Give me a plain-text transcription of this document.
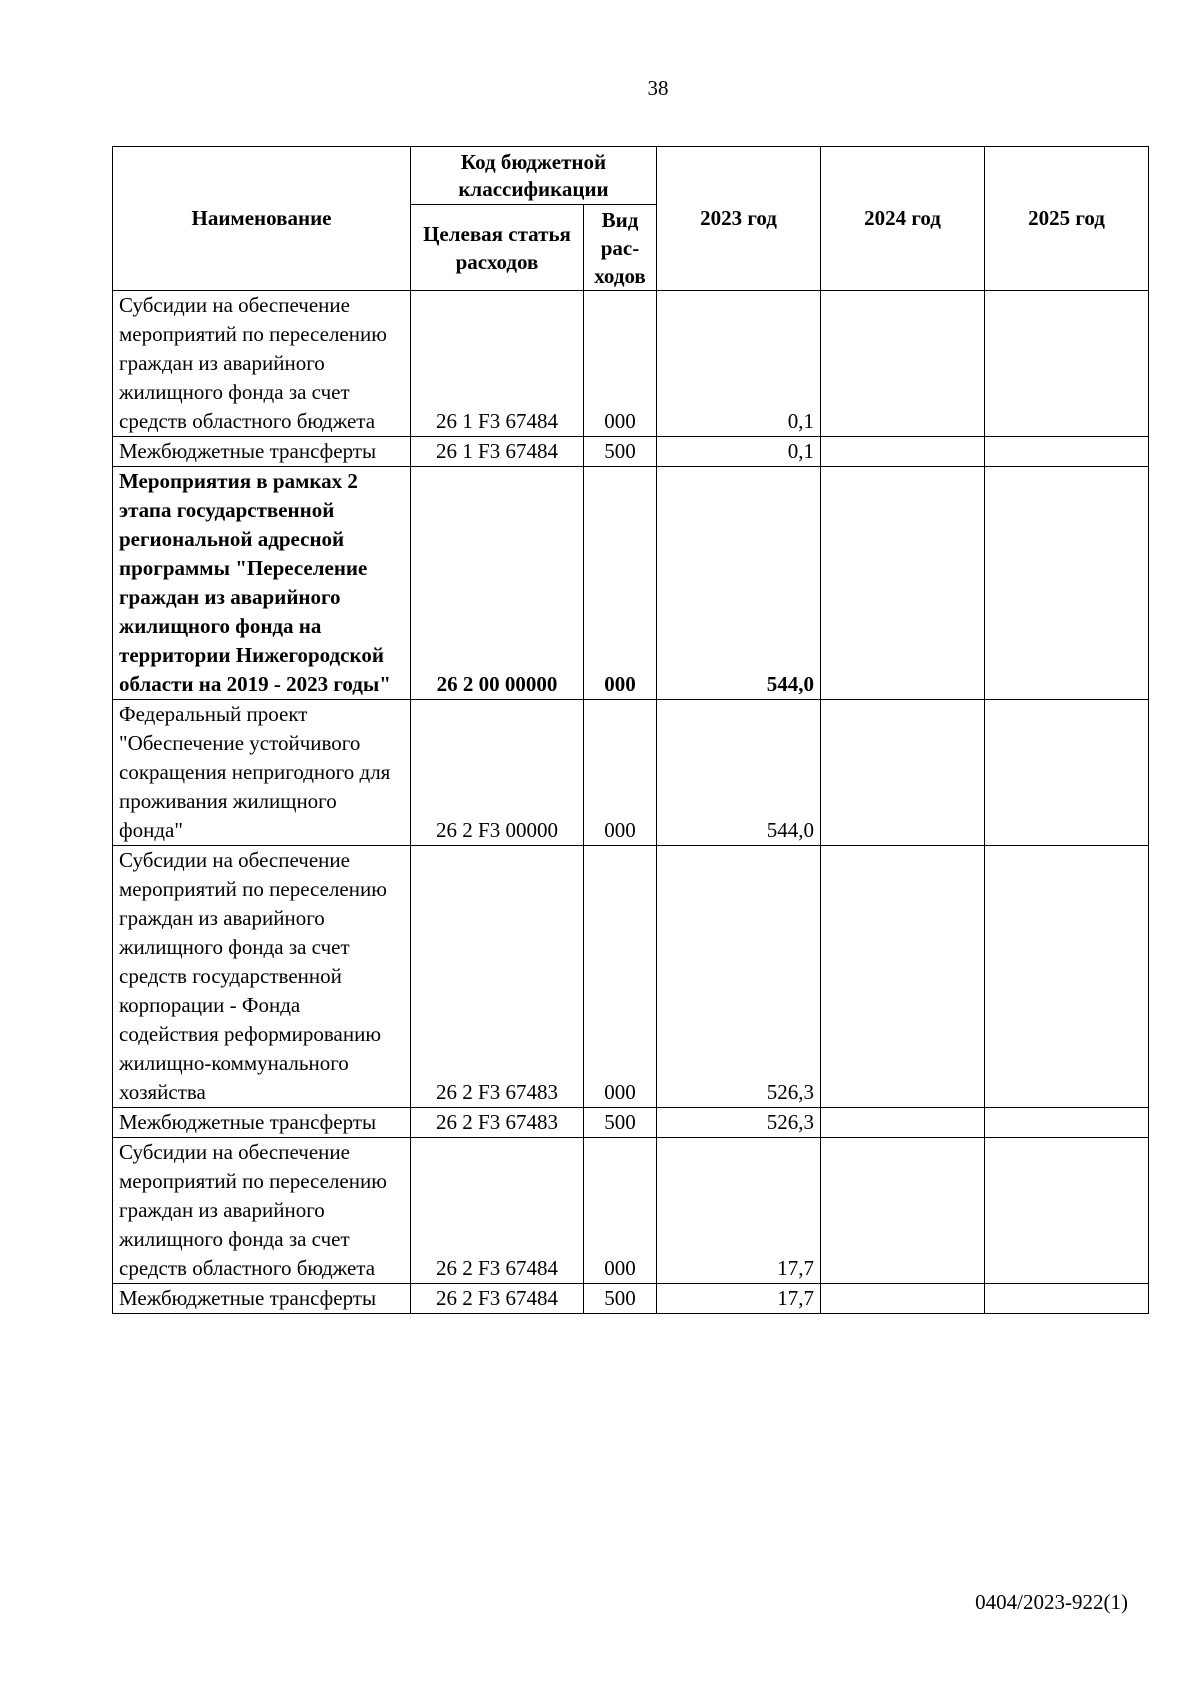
38
Наименование	Код бюджетной классификации		2023 год	2024 год	2025 год
	Целевая статья расходов	Вид рас-ходов			
Субсидии на обеспечение мероприятий по переселению граждан из аварийного жилищного фонда за счет средств областного бюджета	26 1 F3 67484	000	0,1		
Межбюджетные трансферты	26 1 F3 67484	500	0,1		
Мероприятия в рамках 2 этапа государственной региональной адресной программы "Переселение граждан из аварийного жилищного фонда на территории Нижегородской области на 2019 - 2023 годы"	26 2 00 00000	000	544,0		
Федеральный проект "Обеспечение устойчивого сокращения непригодного для проживания жилищного фонда"	26 2 F3 00000	000	544,0		
Субсидии на обеспечение мероприятий по переселению граждан из аварийного жилищного фонда за счет средств государственной корпорации - Фонда содействия реформированию жилищно-коммунального хозяйства	26 2 F3 67483	000	526,3		
Межбюджетные трансферты	26 2 F3 67483	500	526,3		
Субсидии на обеспечение мероприятий по переселению граждан из аварийного жилищного фонда за счет средств областного бюджета	26 2 F3 67484	000	17,7		
Межбюджетные трансферты	26 2 F3 67484	500	17,7		
0404/2023-922(1)
